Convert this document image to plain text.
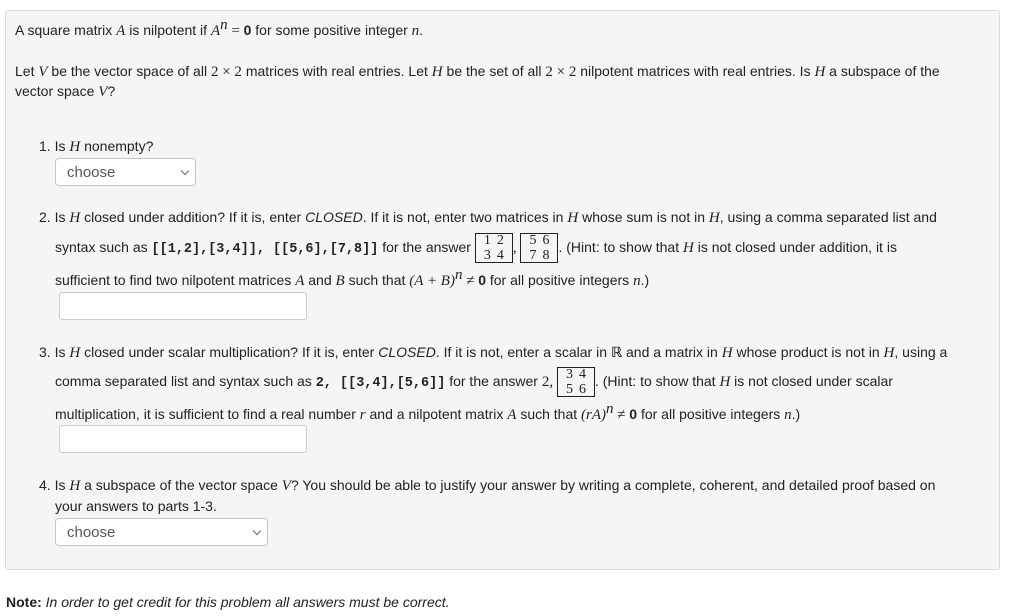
A square matrix A is nilpotent if $A^n = 0$ for some positive integer n.
Let V be the vector space of all 2 × 2 matrices with real entries. Let H be the set of all 2 × 2 nilpotent matrices with real entries. Is H a subspace of the
vector space V?
1. Is H nonempty?
choose
2. Is H closed under addition? If it is, enter CLOSED. If it is not, enter two matrices in H whose sum is not in H, using a comma separated list and
syntax such as [[1,2],[3,4]], [[5,6],[7,8]] for the answer 1	2
3	4 , 5	6
7	8
. (Hint: to show that H is not closed under addition, it is
sufficient to find two nilpotent matrices A and B such that $(A + B)^n \ne 0$ for all positive integers n.)
3. Is H closed under scalar multiplication? If it is, enter CLOSED. If it is not, enter a scalar in ℝ and a matrix in H whose product is not in H, using a
comma separated list and syntax such as 2, [[3,4],[5,6]] for the answer 2, 3	4
5	6
. (Hint: to show that H is not closed under scalar
multiplication, it is sufficient to find a real number r and a nilpotent matrix A such that (rA)$^n$ ≠ 0 for all positive integers n.)
4. Is H a subspace of the vector space V? You should be able to justify your answer by writing a complete, coherent, and detailed proof based on
your answers to parts 1-3.
choose
Note: In order to get credit for this problem all answers must be correct.
